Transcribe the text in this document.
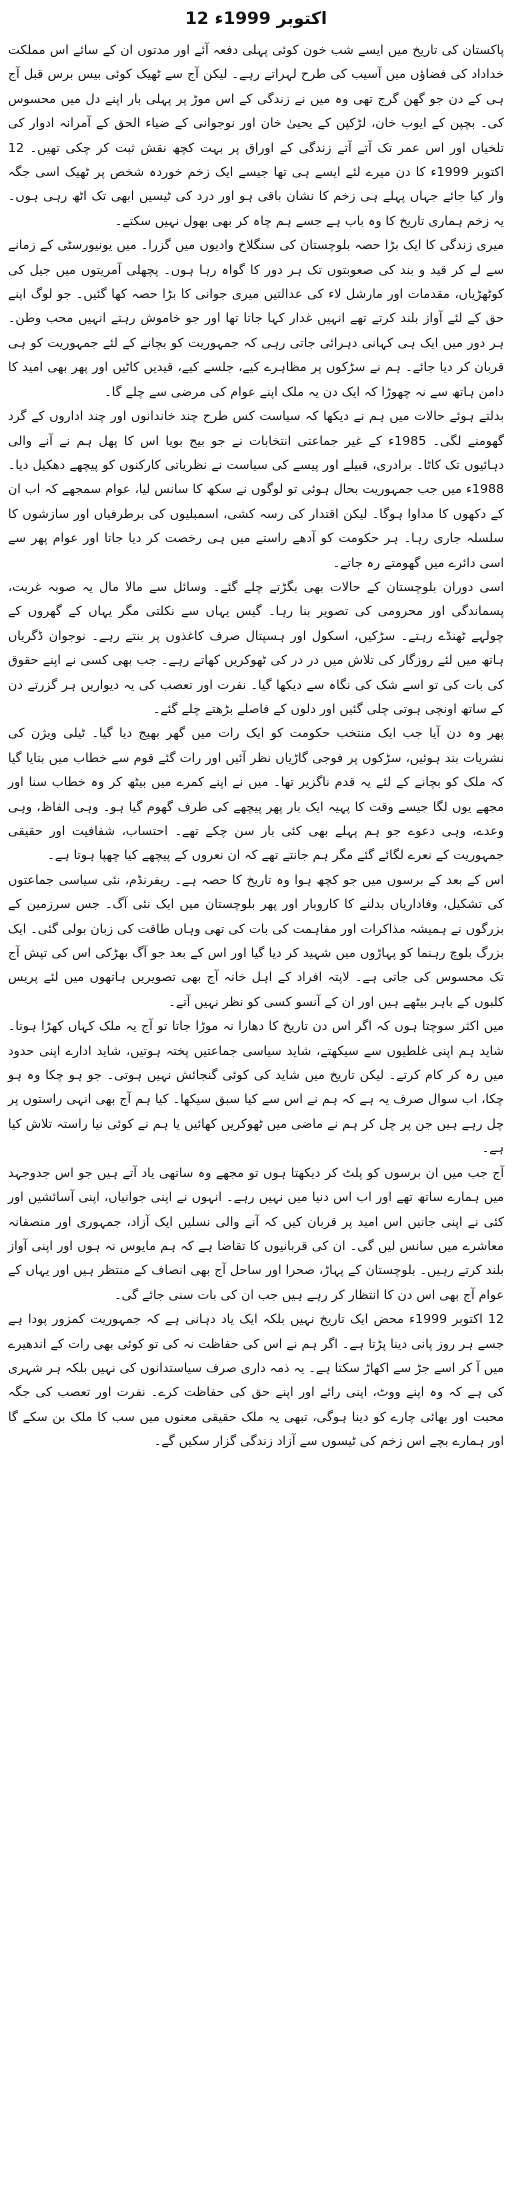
12 اکتوبر 1999ء

پاکستان کی تاریخ میں ایسے شب خون کوئی پہلی دفعہ آئے اور مدتوں ان کے سائے اس مملکت خداداد کی فضاؤں میں آسیب کی طرح لہراتے رہے۔ لیکن آج سے ٹھیک کوئی بیس برس قبل آج ہی کے دن جو گھن گرج تھی وہ میں نے زندگی کے اس موڑ پر پہلی بار اپنے دل میں محسوس کی۔ بچپن کے ایوب خان، لڑکپن کے یحییٰ خان اور نوجوانی کے ضیاء الحق کے آمرانہ ادوار کی تلخیاں اور اس عمر تک آتے آتے زندگی کے اوراق پر بہت کچھ نقش ثبت کر چکی تھیں۔ 12 اکتوبر 1999ء کا دن میرے لئے ایسے ہی تھا جیسے ایک زخم خوردہ شخص پر ٹھیک اسی جگہ وار کیا جائے جہاں پہلے ہی زخم کا نشان باقی ہو اور درد کی ٹیسیں ابھی تک اٹھ رہی ہوں۔ یہ زخم ہماری تاریخ کا وہ باب ہے جسے ہم چاہ کر بھی بھول نہیں سکتے۔

میری زندگی کا ایک بڑا حصہ بلوچستان کی سنگلاخ وادیوں میں گزرا۔ میں یونیورسٹی کے زمانے سے لے کر قید و بند کی صعوبتوں تک ہر دور کا گواہ رہا ہوں۔ پچھلی آمریتوں میں جیل کی کوٹھڑیاں، مقدمات اور مارشل لاء کی عدالتیں میری جوانی کا بڑا حصہ کھا گئیں۔ جو لوگ اپنے حق کے لئے آواز بلند کرتے تھے انہیں غدار کہا جاتا تھا اور جو خاموش رہتے انہیں محب وطن۔ ہر دور میں ایک ہی کہانی دہرائی جاتی رہی کہ جمہوریت کو بچانے کے لئے جمہوریت کو ہی قربان کر دیا جائے۔ ہم نے سڑکوں پر مظاہرے کیے، جلسے کیے، قیدیں کاٹیں اور پھر بھی امید کا دامن ہاتھ سے نہ چھوڑا کہ ایک دن یہ ملک اپنے عوام کی مرضی سے چلے گا۔

بدلتے ہوئے حالات میں ہم نے دیکھا کہ سیاست کس طرح چند خاندانوں اور چند اداروں کے گرد گھومنے لگی۔ 1985ء کے غیر جماعتی انتخابات نے جو بیج بویا اس کا پھل ہم نے آنے والی دہائیوں تک کاٹا۔ برادری، قبیلے اور پیسے کی سیاست نے نظریاتی کارکنوں کو پیچھے دھکیل دیا۔ 1988ء میں جب جمہوریت بحال ہوئی تو لوگوں نے سکھ کا سانس لیا، عوام سمجھے کہ اب ان کے دکھوں کا مداوا ہوگا۔ لیکن اقتدار کی رسہ کشی، اسمبلیوں کی برطرفیاں اور سازشوں کا سلسلہ جاری رہا۔ ہر حکومت کو آدھے راستے میں ہی رخصت کر دیا جاتا اور عوام پھر سے اسی دائرے میں گھومتے رہ جاتے۔

اسی دوران بلوچستان کے حالات بھی بگڑتے چلے گئے۔ وسائل سے مالا مال یہ صوبہ غربت، پسماندگی اور محرومی کی تصویر بنا رہا۔ گیس یہاں سے نکلتی مگر یہاں کے گھروں کے چولہے ٹھنڈے رہتے۔ سڑکیں، اسکول اور ہسپتال صرف کاغذوں پر بنتے رہے۔ نوجوان ڈگریاں ہاتھ میں لئے روزگار کی تلاش میں در در کی ٹھوکریں کھاتے رہے۔ جب بھی کسی نے اپنے حقوق کی بات کی تو اسے شک کی نگاہ سے دیکھا گیا۔ نفرت اور تعصب کی یہ دیواریں ہر گزرتے دن کے ساتھ اونچی ہوتی چلی گئیں اور دلوں کے فاصلے بڑھتے چلے گئے۔

پھر وہ دن آیا جب ایک منتخب حکومت کو ایک رات میں گھر بھیج دیا گیا۔ ٹیلی ویژن کی نشریات بند ہوئیں، سڑکوں پر فوجی گاڑیاں نظر آئیں اور رات گئے قوم سے خطاب میں بتایا گیا کہ ملک کو بچانے کے لئے یہ قدم ناگزیر تھا۔ میں نے اپنے کمرے میں بیٹھ کر وہ خطاب سنا اور مجھے یوں لگا جیسے وقت کا پہیہ ایک بار پھر پیچھے کی طرف گھوم گیا ہو۔ وہی الفاظ، وہی وعدے، وہی دعوے جو ہم پہلے بھی کئی بار سن چکے تھے۔ احتساب، شفافیت اور حقیقی جمہوریت کے نعرے لگائے گئے مگر ہم جانتے تھے کہ ان نعروں کے پیچھے کیا چھپا ہوتا ہے۔

اس کے بعد کے برسوں میں جو کچھ ہوا وہ تاریخ کا حصہ ہے۔ ریفرنڈم، نئی سیاسی جماعتوں کی تشکیل، وفاداریاں بدلنے کا کاروبار اور پھر بلوچستان میں ایک نئی آگ۔ جس سرزمین کے بزرگوں نے ہمیشہ مذاکرات اور مفاہمت کی بات کی تھی وہاں طاقت کی زبان بولی گئی۔ ایک بزرگ بلوچ رہنما کو پہاڑوں میں شہید کر دیا گیا اور اس کے بعد جو آگ بھڑکی اس کی تپش آج تک محسوس کی جاتی ہے۔ لاپتہ افراد کے اہل خانہ آج بھی تصویریں ہاتھوں میں لئے پریس کلبوں کے باہر بیٹھے ہیں اور ان کے آنسو کسی کو نظر نہیں آتے۔

میں اکثر سوچتا ہوں کہ اگر اس دن تاریخ کا دھارا نہ موڑا جاتا تو آج یہ ملک کہاں کھڑا ہوتا۔ شاید ہم اپنی غلطیوں سے سیکھتے، شاید سیاسی جماعتیں پختہ ہوتیں، شاید ادارے اپنی حدود میں رہ کر کام کرتے۔ لیکن تاریخ میں شاید کی کوئی گنجائش نہیں ہوتی۔ جو ہو چکا وہ ہو چکا، اب سوال صرف یہ ہے کہ ہم نے اس سے کیا سبق سیکھا۔ کیا ہم آج بھی انہی راستوں پر چل رہے ہیں جن پر چل کر ہم نے ماضی میں ٹھوکریں کھائیں یا ہم نے کوئی نیا راستہ تلاش کیا ہے۔

آج جب میں ان برسوں کو پلٹ کر دیکھتا ہوں تو مجھے وہ ساتھی یاد آتے ہیں جو اس جدوجہد میں ہمارے ساتھ تھے اور اب اس دنیا میں نہیں رہے۔ انہوں نے اپنی جوانیاں، اپنی آسائشیں اور کئی نے اپنی جانیں اس امید پر قربان کیں کہ آنے والی نسلیں ایک آزاد، جمہوری اور منصفانہ معاشرے میں سانس لیں گی۔ ان کی قربانیوں کا تقاضا ہے کہ ہم مایوس نہ ہوں اور اپنی آواز بلند کرتے رہیں۔ بلوچستان کے پہاڑ، صحرا اور ساحل آج بھی انصاف کے منتظر ہیں اور یہاں کے عوام آج بھی اس دن کا انتظار کر رہے ہیں جب ان کی بات سنی جائے گی۔

12 اکتوبر 1999ء محض ایک تاریخ نہیں بلکہ ایک یاد دہانی ہے کہ جمہوریت کمزور پودا ہے جسے ہر روز پانی دینا پڑتا ہے۔ اگر ہم نے اس کی حفاظت نہ کی تو کوئی بھی رات کے اندھیرے میں آ کر اسے جڑ سے اکھاڑ سکتا ہے۔ یہ ذمہ داری صرف سیاستدانوں کی نہیں بلکہ ہر شہری کی ہے کہ وہ اپنے ووٹ، اپنی رائے اور اپنے حق کی حفاظت کرے۔ نفرت اور تعصب کی جگہ محبت اور بھائی چارے کو دینا ہوگی، تبھی یہ ملک حقیقی معنوں میں سب کا ملک بن سکے گا اور ہمارے بچے اس زخم کی ٹیسوں سے آزاد زندگی گزار سکیں گے۔
